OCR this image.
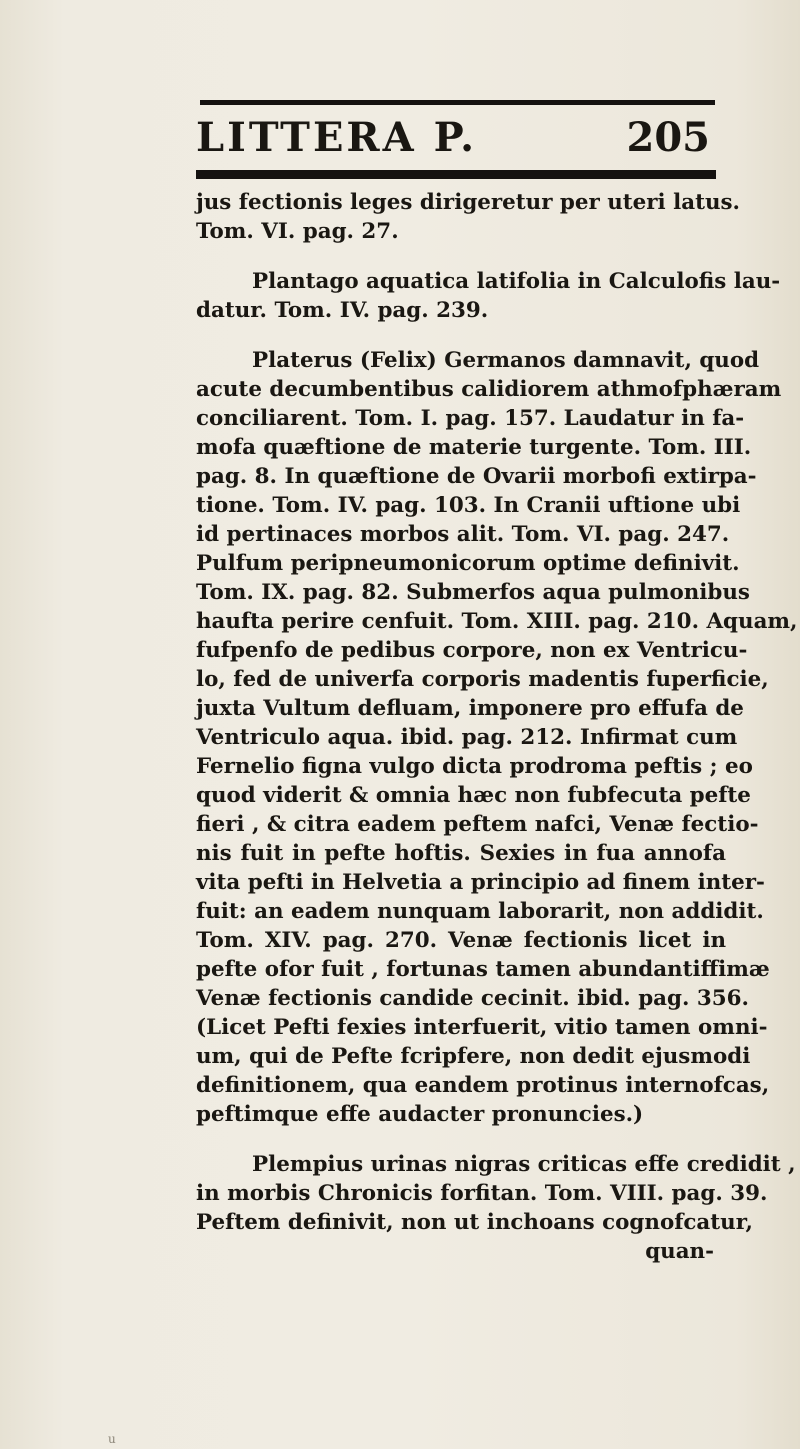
LITTERA P.	205
jus fectionis leges dirigeretur per uteri latus.
Tom. VI. pag. 27.
Plantago aquatica latifolia in Calculofis lau-
datur. Tom. IV. pag. 239.
Platerus (Felix) Germanos damnavit, quod
acute decumbentibus calidiorem athmofphæram
conciliarent. Tom. I. pag. 157. Laudatur in fa-
mofa quæftione de materie turgente. Tom. III.
pag. 8. In quæftione de Ovarii morbofi extirpa-
tione. Tom. IV. pag. 103. In Cranii uftione ubi
id pertinaces morbos alit. Tom. VI. pag. 247.
Pulfum peripneumonicorum optime definivit.
Tom. IX. pag. 82. Submerfos aqua pulmonibus
haufta perire cenfuit. Tom. XIII. pag. 210. Aquam,
fufpenfo de pedibus corpore, non ex Ventricu-
lo, fed de univerfa corporis madentis fuperficie,
juxta Vultum defluam, imponere pro effufa de
Ventriculo aqua. ibid. pag. 212. Infirmat cum
Fernelio figna vulgo dicta prodroma peftis ; eo
quod viderit & omnia hæc non fubfecuta pefte
fieri , & citra eadem peftem nafci, Venæ fectio-
nis fuit in pefte hoftis. Sexies in fua annofa
vita pefti in Helvetia a principio ad finem inter-
fuit: an eadem nunquam laborarit, non addidit.
Tom. XIV. pag. 270. Venæ fectionis licet in
pefte ofor fuit , fortunas tamen abundantiffimæ
Venæ fectionis candide cecinit. ibid. pag. 356.
(Licet Pefti fexies interfuerit, vitio tamen omni-
um, qui de Pefte fcripfere, non dedit ejusmodi
definitionem, qua eandem protinus internofcas,
peftimque effe audacter pronuncies.)
Plempius urinas nigras criticas effe credidit ,
in morbis Chronicis forfitan. Tom. VIII. pag. 39.
Peftem definivit, non ut inchoans cognofcatur,
quan-
u
